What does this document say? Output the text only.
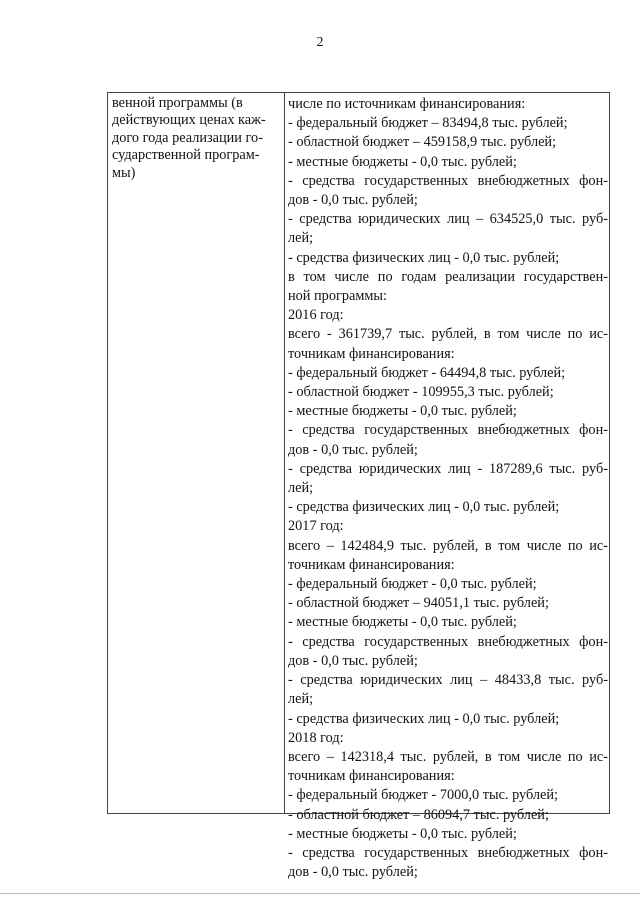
2
венной программы (в
действующих ценах каж-
дого года реализации го-
сударственной програм-
мы)
числе по источникам финансирования:
- федеральный бюджет – 83494,8 тыс. рублей;
- областной бюджет – 459158,9 тыс. рублей;
- местные бюджеты - 0,0 тыс. рублей;
- средства государственных внебюджетных фон-
дов - 0,0 тыс. рублей;
- средства юридических лиц – 634525,0 тыс. руб-
лей;
- средства физических лиц - 0,0 тыс. рублей;
в том числе по годам реализации государствен-
ной программы:
2016 год:
всего - 361739,7 тыс. рублей, в том числе по ис-
точникам финансирования:
- федеральный бюджет - 64494,8 тыс. рублей;
- областной бюджет - 109955,3 тыс. рублей;
- местные бюджеты - 0,0 тыс. рублей;
- средства государственных внебюджетных фон-
дов - 0,0 тыс. рублей;
- средства юридических лиц - 187289,6 тыс. руб-
лей;
- средства физических лиц - 0,0 тыс. рублей;
2017 год:
всего – 142484,9 тыс. рублей, в том числе по ис-
точникам финансирования:
- федеральный бюджет - 0,0 тыс. рублей;
- областной бюджет – 94051,1 тыс. рублей;
- местные бюджеты - 0,0 тыс. рублей;
- средства государственных внебюджетных фон-
дов - 0,0 тыс. рублей;
- средства юридических лиц – 48433,8 тыс. руб-
лей;
- средства физических лиц - 0,0 тыс. рублей;
2018 год:
всего – 142318,4 тыс. рублей, в том числе по ис-
точникам финансирования:
- федеральный бюджет - 7000,0 тыс. рублей;
- областной бюджет – 86094,7 тыс. рублей;
- местные бюджеты - 0,0 тыс. рублей;
- средства государственных внебюджетных фон-
дов - 0,0 тыс. рублей;
